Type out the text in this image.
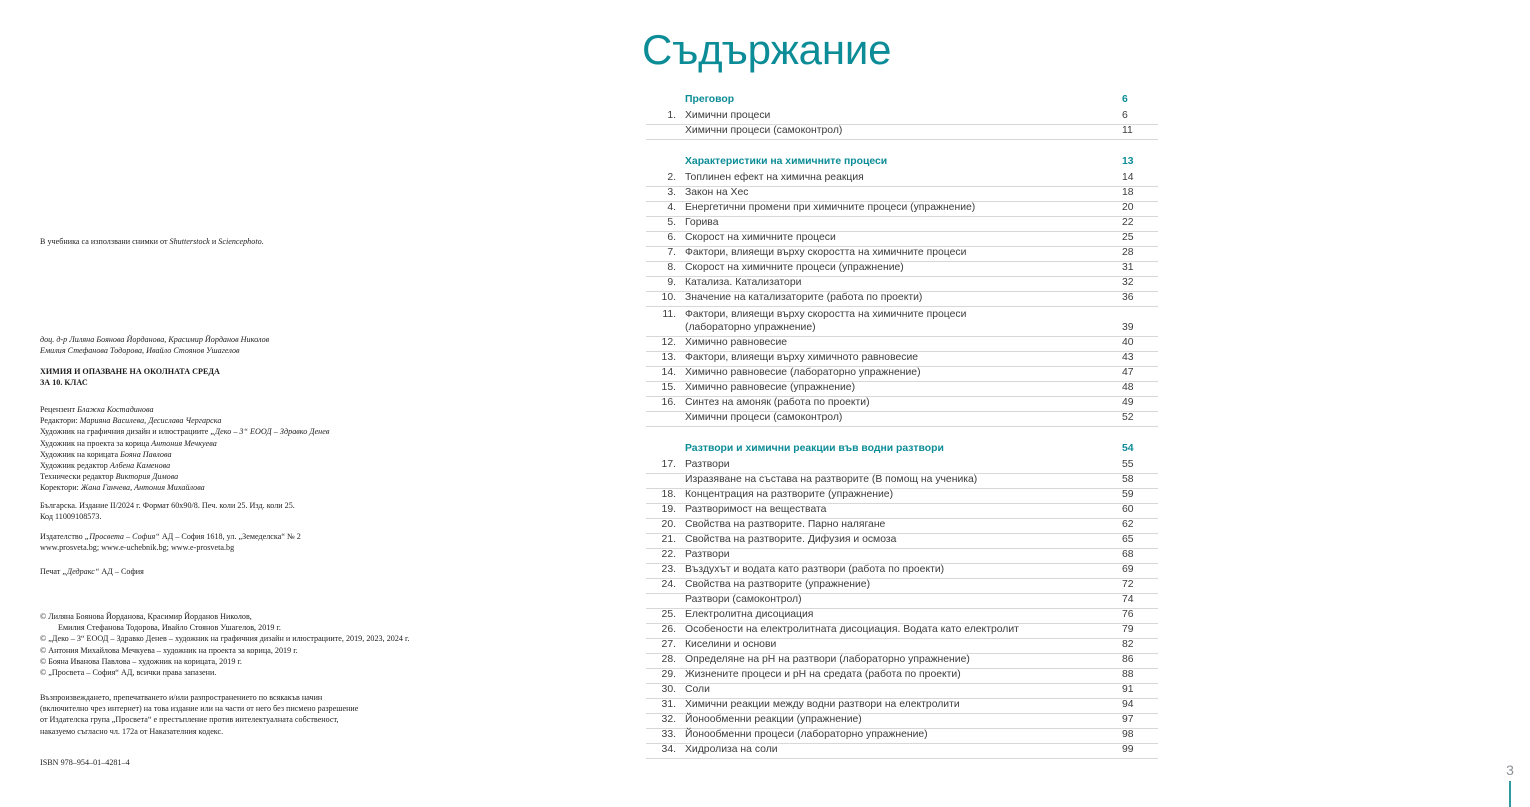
В учебника са използвани снимки от Shutterstock и Sciencephoto.

доц. д-р Лиляна Боянова Йорданова, Красимир Йорданов Николов

Емилия Стефанова Тодорова, Ивайло Стоянов Ушагелов

ХИМИЯ И ОПАЗВАНЕ НА ОКОЛНАТА СРЕДА

ЗА 10. КЛАС

Рецензент Блажка Костадинова

Редактори: Марияна Василева, Десислава Чергарска

Художник на графичния дизайн и илюстрациите „Деко – 3“ ЕООД – Здравко Денев

Художник на проекта за корица Антония Мечкуева

Художник на корицата Бояна Павлова

Художник редактор Албена Каменова

Технически редактор Виктория Димова

Коректори: Жана Ганчева, Антония Михайлова

Българска. Издание II/2024 г. Формат 60x90/8. Печ. коли 25. Изд. коли 25.

Код 11009108573.

Издателство „Просвета – София“ АД – София 1618, ул. „Земеделска“ № 2

www.prosveta.bg; www.e-uchebnik.bg; www.e-prosveta.bg

Печат „Дедракс“ АД – София

© Лиляна Боянова Йорданова, Красимир Йорданов Николов,

Емилия Стефанова Тодорова, Ивайло Стоянов Ушагелов, 2019 г.

© „Деко – 3“ ЕООД – Здравко Денев – художник на графичния дизайн и илюстрациите, 2019, 2023, 2024 г.

© Антония Михайлова Мечкуева – художник на проекта за корица, 2019 г.

© Бояна Иванова Павлова – художник на корицата, 2019 г.

© „Просвета – София“ АД, всички права запазени.

Възпроизвеждането, препечатването и/или разпространението по всякакъв начин

(включително чрез интернет) на това издание или на части от него без писмено разрешение

от Издателска група „Просвета“ е престъпление против интелектуалната собственост,

наказуемо съгласно чл. 172а от Наказателния кодекс.

ISBN 978–954–01–4281–4

Съдържание
Преговор	6
1. Химични процеси	6
Химични процеси (самоконтрол)	11
Характеристики на химичните процеси	13
2. Топлинен ефект на химична реакция	14
3. Закон на Хес	18
4. Енергетични промени при химичните процеси (упражнение)	20
5. Горива	22
6. Скорост на химичните процеси	25
7. Фактори, влияещи върху скоростта на химичните процеси	28
8. Скорост на химичните процеси (упражнение)	31
9. Катализа. Катализатори	32
10. Значение на катализаторите (работа по проекти)	36
11. Фактори, влияещи върху скоростта на химичните процеси
(лабораторно упражнение)	39
12. Химично равновесие	40
13. Фактори, влияещи върху химичното равновесие	43
14. Химично равновесие (лабораторно упражнение)	47
15. Химично равновесие (упражнение)	48
16. Синтез на амоняк (работа по проекти)	49
Химични процеси (самоконтрол)	52
Разтвори и химични реакции във водни разтвори	54
17. Разтвори	55
Изразяване на състава на разтворите (В помощ на ученика)	58
18. Концентрация на разтворите (упражнение)	59
19. Разтворимост на веществата	60
20. Свойства на разтворите. Парно налягане	62
21. Свойства на разтворите. Дифузия и осмоза	65
22. Разтвори	68
23. Въздухът и водата като разтвори (работа по проекти)	69
24. Свойства на разтворите (упражнение)	72
Разтвори (самоконтрол)	74
25. Електролитна дисоциация	76
26. Особености на електролитната дисоциация. Водата като електролит	79
27. Киселини и основи	82
28. Определяне на рН на разтвори (лабораторно упражнение)	86
29. Жизнените процеси и рН на средата (работа по проекти)	88
30. Соли	91
31. Химични реакции между водни разтвори на електролити	94
32. Йонообменни реакции (упражнение)	97
33. Йонообменни процеси (лабораторно упражнение)	98
34. Хидролиза на соли	99
3
